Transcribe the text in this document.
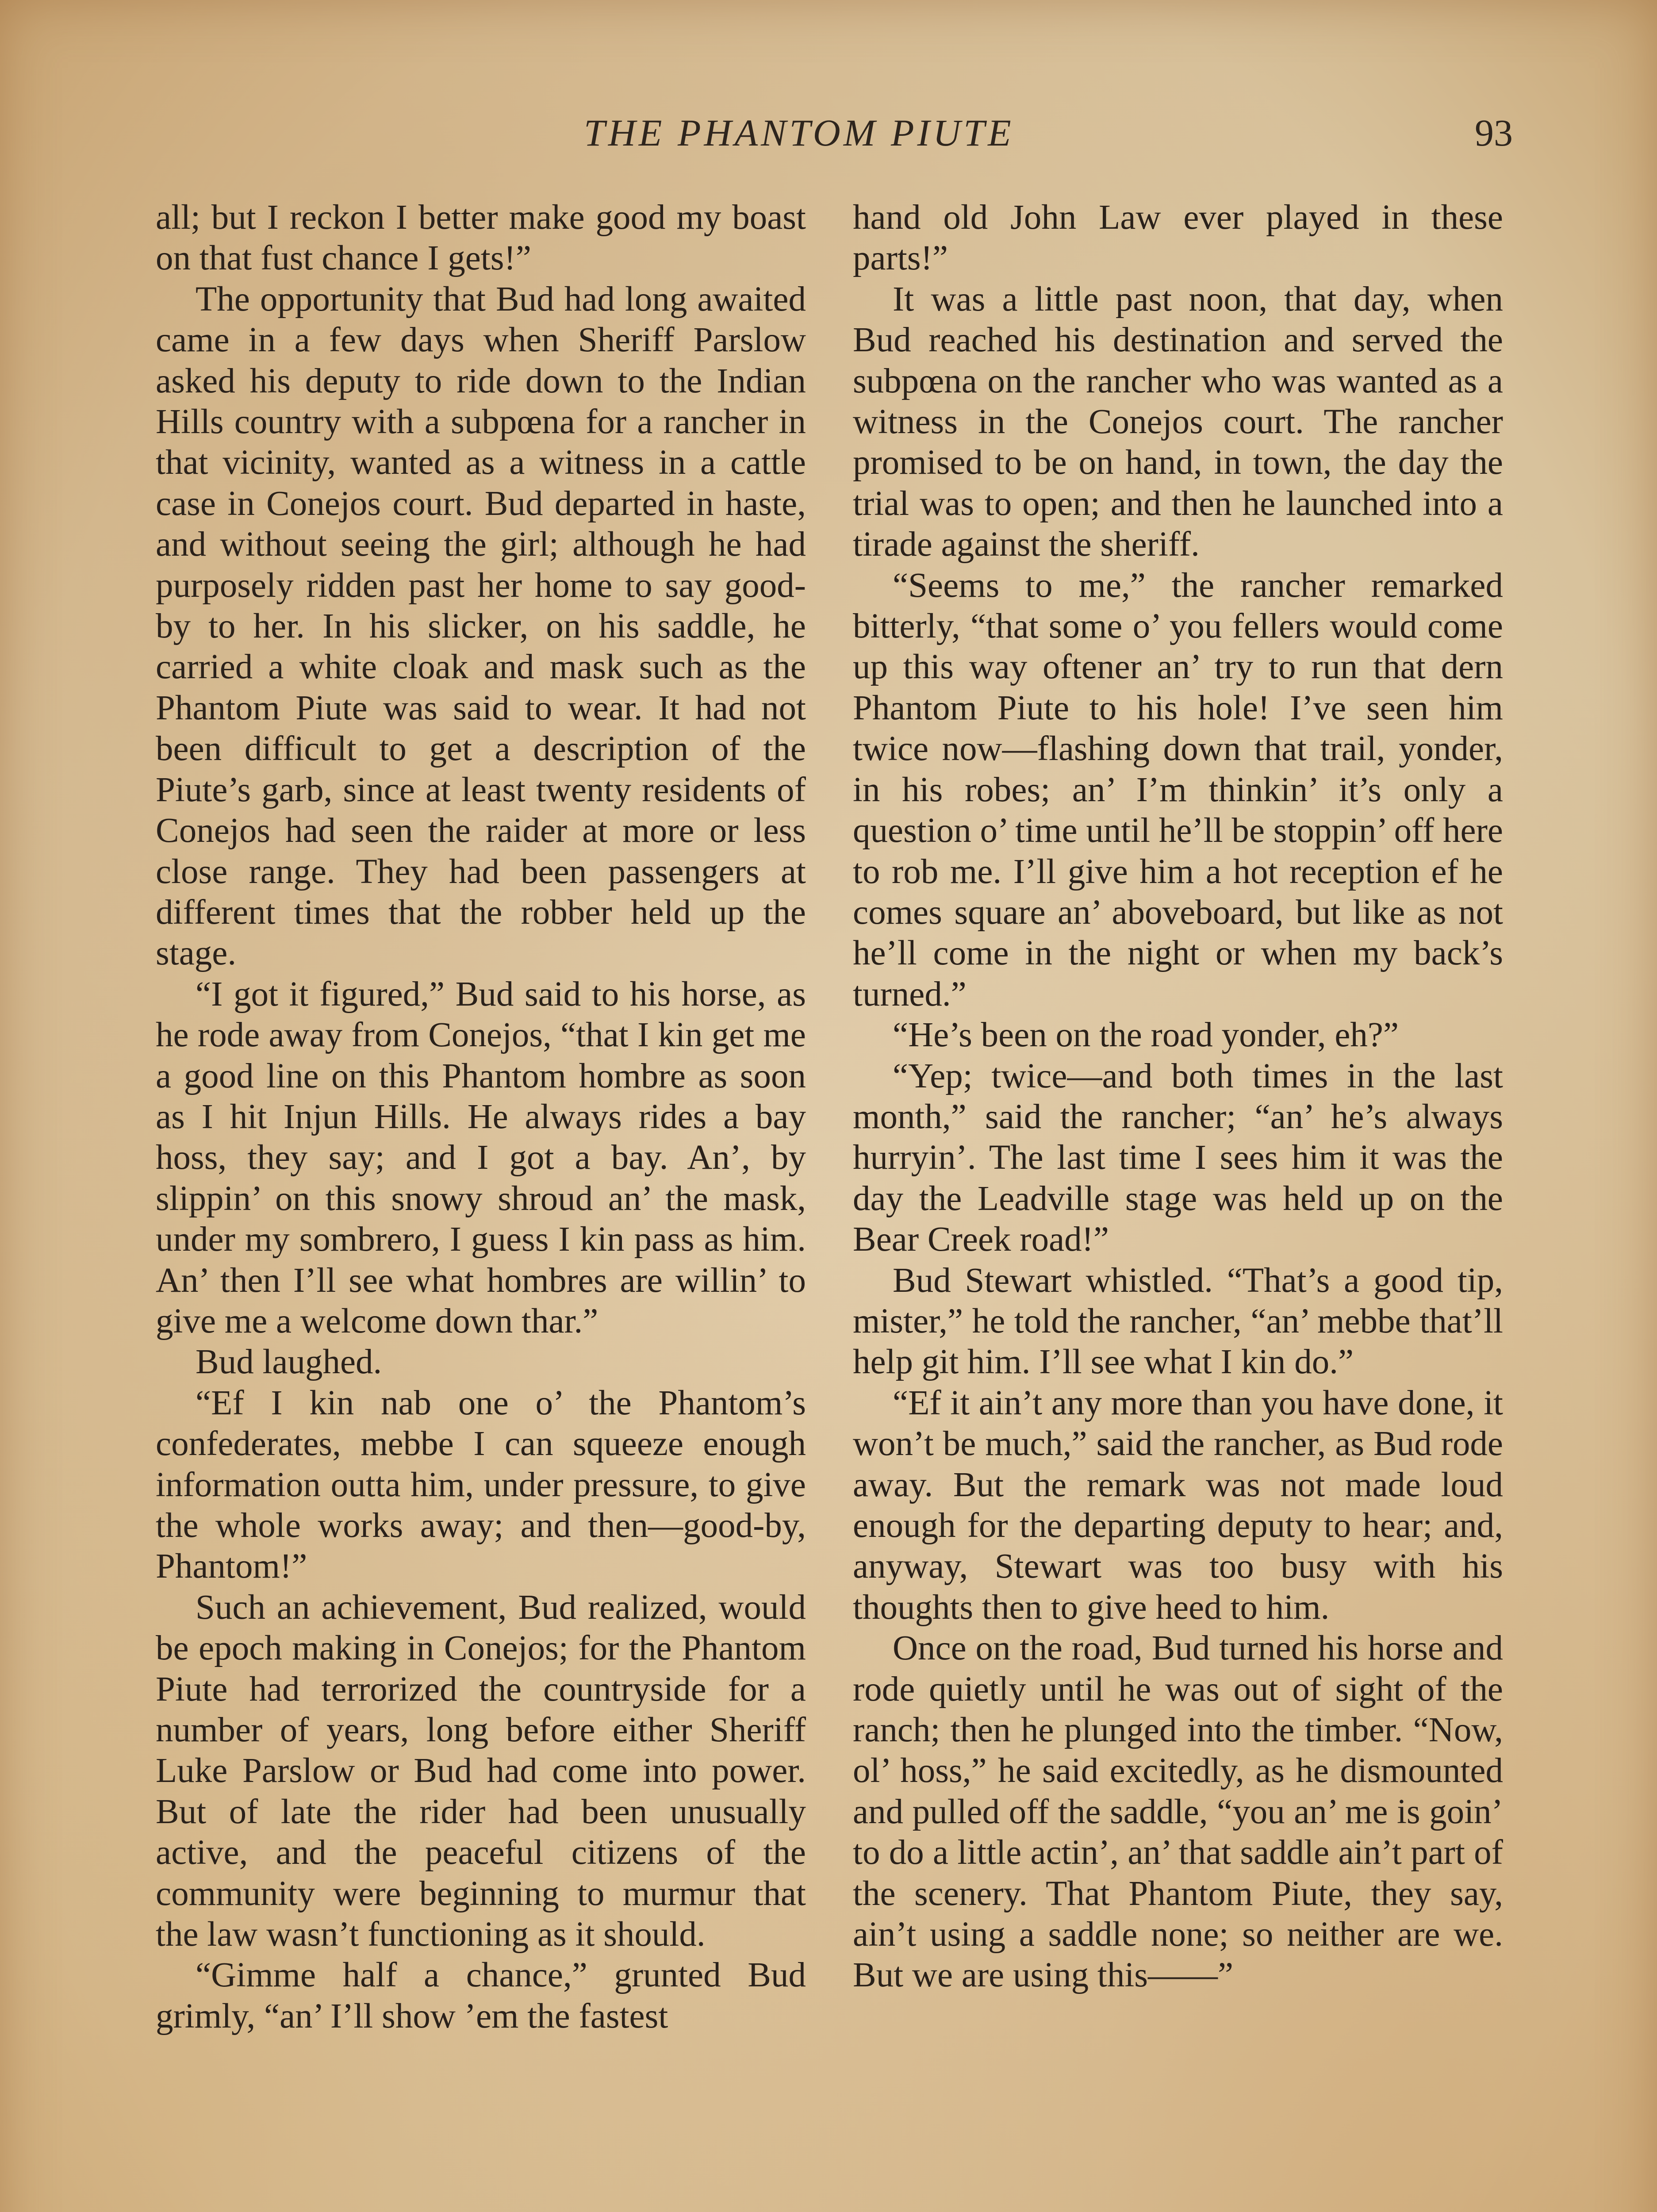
THE PHANTOM PIUTE	93

all; but I reckon I better make good my boast on that fust chance I gets!”

The opportunity that Bud had long awaited came in a few days when Sheriff Parslow asked his deputy to ride down to the Indian Hills country with a subpœna for a rancher in that vicinity, wanted as a witness in a cattle case in Conejos court. Bud departed in haste, and without seeing the girl; although he had purposely ridden past her home to say good-by to her. In his slicker, on his saddle, he carried a white cloak and mask such as the Phantom Piute was said to wear. It had not been difficult to get a description of the Piute’s garb, since at least twenty residents of Conejos had seen the raider at more or less close range. They had been passengers at different times that the robber held up the stage.

“I got it figured,” Bud said to his horse, as he rode away from Conejos, “that I kin get me a good line on this Phantom hombre as soon as I hit Injun Hills. He always rides a bay hoss, they say; and I got a bay. An’, by slippin’ on this snowy shroud an’ the mask, under my sombrero, I guess I kin pass as him. An’ then I’ll see what hombres are willin’ to give me a welcome down thar.”

Bud laughed.

“Ef I kin nab one o’ the Phantom’s confederates, mebbe I can squeeze enough information outta him, under pressure, to give the whole works away; and then—good-by, Phantom!”

Such an achievement, Bud realized, would be epoch making in Conejos; for the Phantom Piute had terrorized the countryside for a number of years, long before either Sheriff Luke Parslow or Bud had come into power. But of late the rider had been unusually active, and the peaceful citizens of the community were beginning to murmur that the law wasn’t functioning as it should.

“Gimme half a chance,” grunted Bud grimly, “an’ I’ll show ’em the fastest

hand old John Law ever played in these parts!”

It was a little past noon, that day, when Bud reached his destination and served the subpœna on the rancher who was wanted as a witness in the Conejos court. The rancher promised to be on hand, in town, the day the trial was to open; and then he launched into a tirade against the sheriff.

“Seems to me,” the rancher remarked bitterly, “that some o’ you fellers would come up this way oftener an’ try to run that dern Phantom Piute to his hole! I’ve seen him twice now—flashing down that trail, yonder, in his robes; an’ I’m thinkin’ it’s only a question o’ time until he’ll be stoppin’ off here to rob me. I’ll give him a hot reception ef he comes square an’ aboveboard, but like as not he’ll come in the night or when my back’s turned.”

“He’s been on the road yonder, eh?”

“Yep; twice—and both times in the last month,” said the rancher; “an’ he’s always hurryin’. The last time I sees him it was the day the Leadville stage was held up on the Bear Creek road!”

Bud Stewart whistled. “That’s a good tip, mister,” he told the rancher, “an’ mebbe that’ll help git him. I’ll see what I kin do.”

“Ef it ain’t any more than you have done, it won’t be much,” said the rancher, as Bud rode away. But the remark was not made loud enough for the departing deputy to hear; and, anyway, Stewart was too busy with his thoughts then to give heed to him.

Once on the road, Bud turned his horse and rode quietly until he was out of sight of the ranch; then he plunged into the timber. “Now, ol’ hoss,” he said excitedly, as he dismounted and pulled off the saddle, “you an’ me is goin’ to do a little actin’, an’ that saddle ain’t part of the scenery. That Phantom Piute, they say, ain’t using a saddle none; so neither are we. But we are using this——”
